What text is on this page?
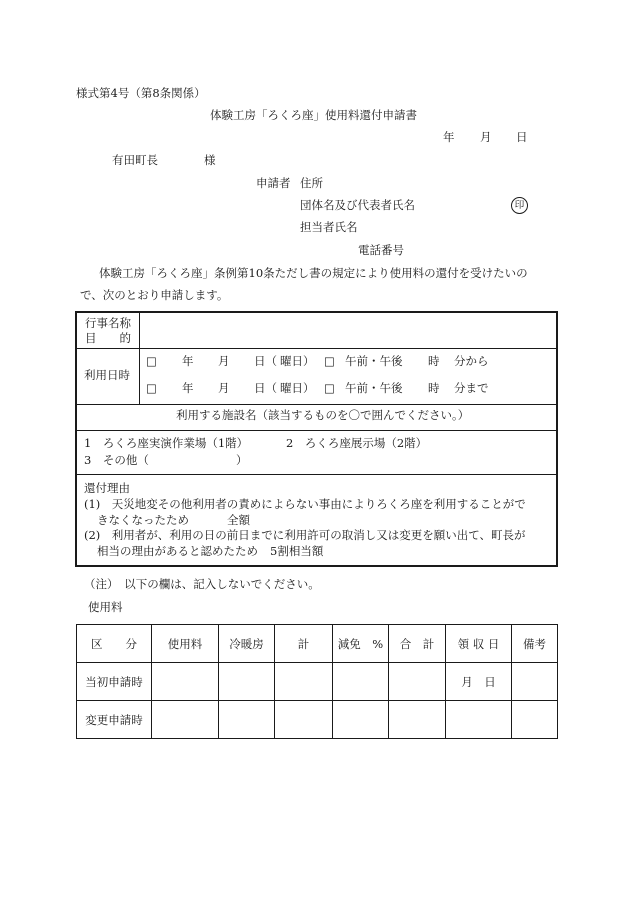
様式第4号（第8条関係）
体験工房「ろくろ座」使用料還付申請書
年 月 日
有田町長	様
申請者 住所
団体名及び代表者氏名	印
担当者氏名
電話番号
体験工房「ろくろ座」条例第10条ただし書の規定により使用料の還付を受けたいの
で、次のとおり申請します。
行事名称
目　　的
利用日時
□ 年 月 日（ 曜日） □ 午前・午後 時 分から
□ 年 月 日（ 曜日） □ 午前・午後 時 分まで
利用する施設名（該当するものを〇で囲んでください。）
1　ろくろ座実演作業場（1階）	2　ろくろ座展示場（2階）
3　その他（	）
還付理由
(1)　天災地変その他利用者の責めによらない事由によりろくろ座を利用することがで
きなくなったため	全額
(2)　利用者が、利用の日の前日までに利用許可の取消し又は変更を願い出て、町長が
相当の理由があると認めたため 5割相当額
（注）　以下の欄は、記入しないでください。
使用料
区　　分	使用料	冷暖房	計	減免　%	合　計	領 収 日	備考
当初申請時						月　日	
変更申請時							
